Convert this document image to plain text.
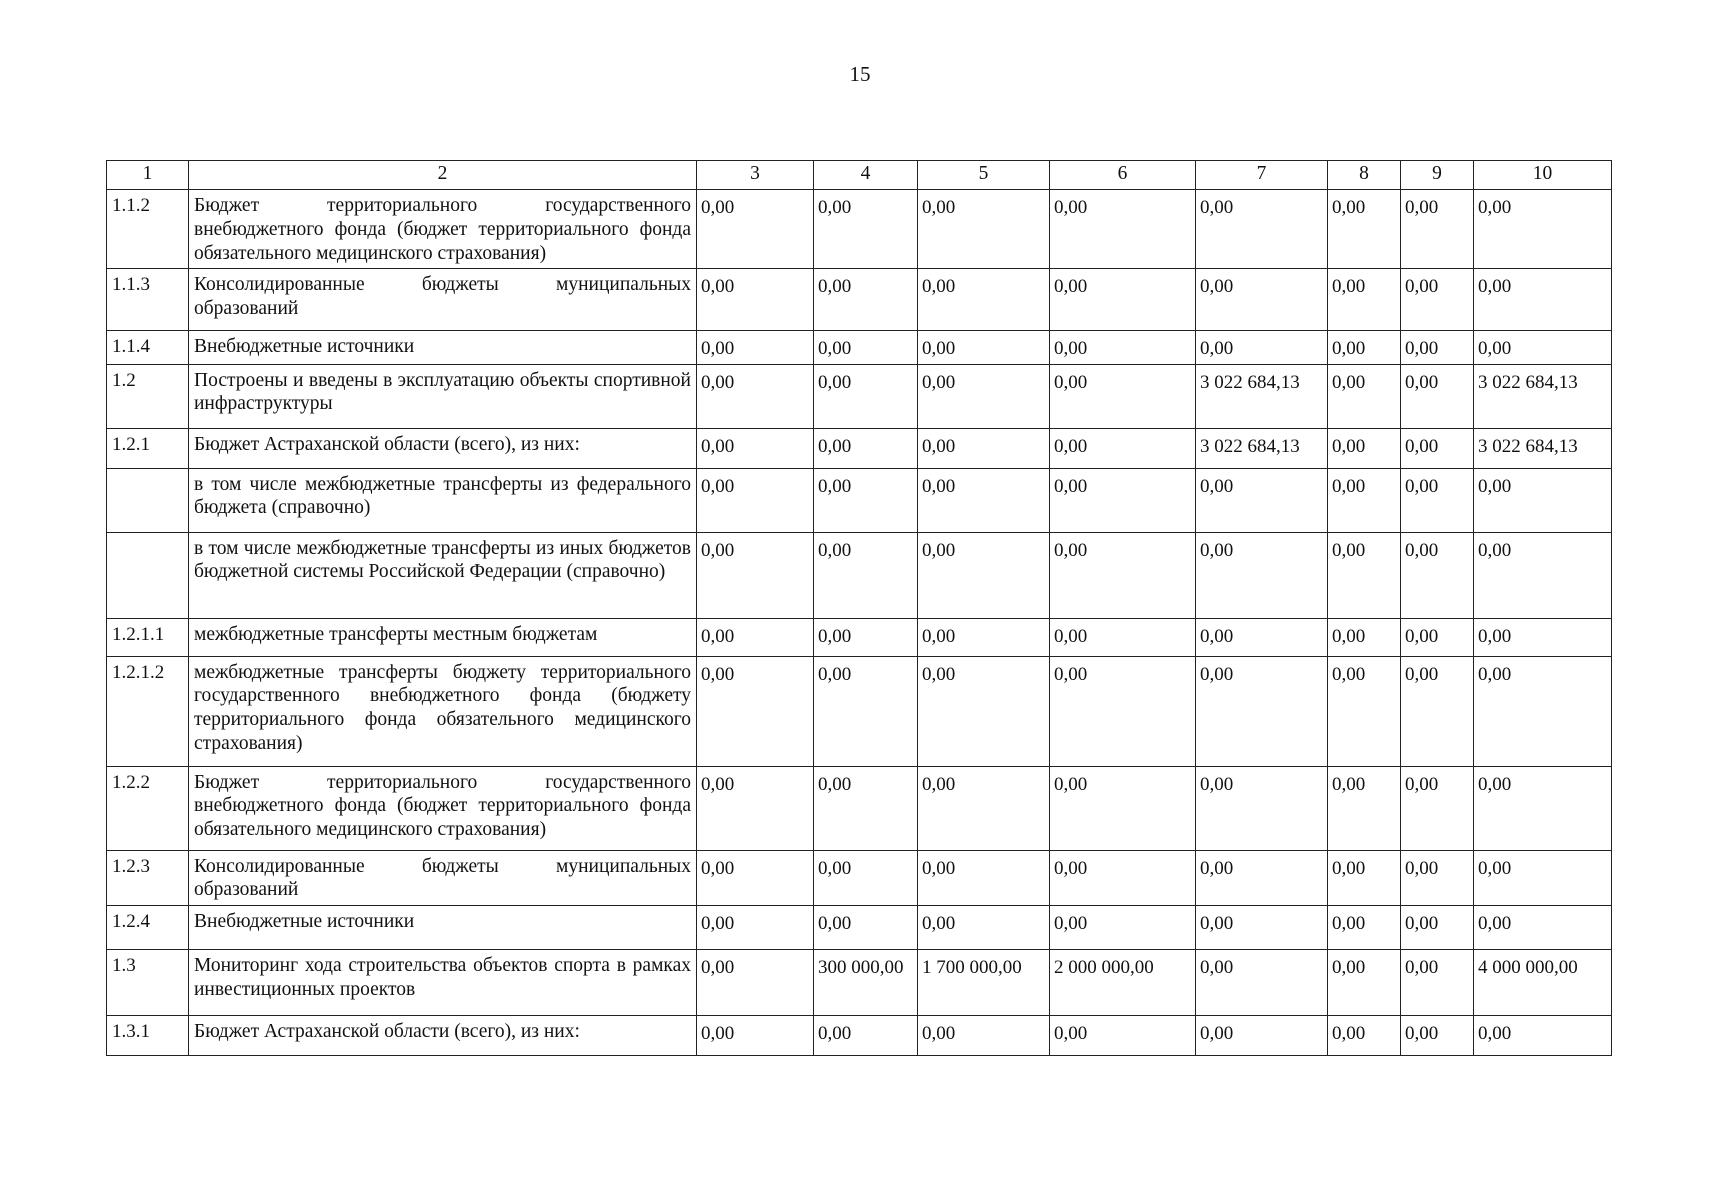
15
1	2	3	4	5	6	7	8	9	10
1.1.2	Бюджет территориального государственного внебюджетного фонда (бюджет территориального фонда обязательного медицинского страхования)	0,00	0,00	0,00	0,00	0,00	0,00	0,00	0,00
1.1.3	Консолидированные бюджеты муниципальных образований	0,00	0,00	0,00	0,00	0,00	0,00	0,00	0,00
1.1.4	Внебюджетные источники	0,00	0,00	0,00	0,00	0,00	0,00	0,00	0,00
1.2	Построены и введены в эксплуатацию объекты спортивной инфраструктуры	0,00	0,00	0,00	0,00	3 022 684,13	0,00	0,00	3 022 684,13
1.2.1	Бюджет Астраханской области (всего), из них:	0,00	0,00	0,00	0,00	3 022 684,13	0,00	0,00	3 022 684,13
	в том числе межбюджетные трансферты из федерального бюджета (справочно)	0,00	0,00	0,00	0,00	0,00	0,00	0,00	0,00
	в том числе межбюджетные трансферты из иных бюджетов бюджетной системы Российской Федерации (справочно)	0,00	0,00	0,00	0,00	0,00	0,00	0,00	0,00
1.2.1.1	межбюджетные трансферты местным бюджетам	0,00	0,00	0,00	0,00	0,00	0,00	0,00	0,00
1.2.1.2	межбюджетные трансферты бюджету территориального государственного внебюджетного фонда (бюджету территориального фонда обязательного медицинского страхования)	0,00	0,00	0,00	0,00	0,00	0,00	0,00	0,00
1.2.2	Бюджет территориального государственного внебюджетного фонда (бюджет территориального фонда обязательного медицинского страхования)	0,00	0,00	0,00	0,00	0,00	0,00	0,00	0,00
1.2.3	Консолидированные бюджеты муниципальных образований	0,00	0,00	0,00	0,00	0,00	0,00	0,00	0,00
1.2.4	Внебюджетные источники	0,00	0,00	0,00	0,00	0,00	0,00	0,00	0,00
1.3	Мониторинг хода строительства объектов спорта в рамках инвестиционных проектов	0,00	300 000,00	1 700 000,00	2 000 000,00	0,00	0,00	0,00	4 000 000,00
1.3.1	Бюджет Астраханской области (всего), из них:	0,00	0,00	0,00	0,00	0,00	0,00	0,00	0,00
